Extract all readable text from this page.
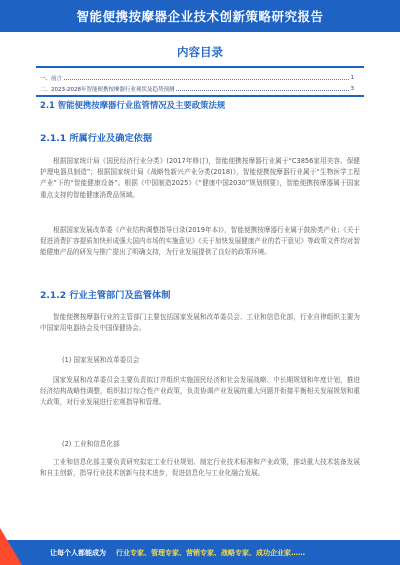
智能便携按摩器企业技术创新策略研究报告
内容目录
一、前言	1
二、2023-2028年智能便携按摩器行业现状及趋势预测	3
2.1 智能便携按摩器行业监管情况及主要政策法规
2.1.1 所属行业及确定依据
根据国家统计局《国民经济行业分类》(2017年修订)，智能便携按摩器行业属于“C3856家用美容、保健护理电器具制造”；根据国家统计局《战略性新兴产业分类(2018)》，智能便携按摩器行业属于“生物医学工程产业”下的“智能健康设备”。根据《中国制造2025》《“健康中国2030”规划纲要》，智能便携按摩器属于国家重点支持的智能健康消费品领域。
根据国家发展改革委《产业结构调整指导目录(2019年本)》，智能便携按摩器行业属于鼓励类产业；《关于促进消费扩容提质加快形成强大国内市场的实施意见》《关于加快发展健康产业的若干意见》等政策文件均对智能健康产品的研发与推广提出了明确支持，为行业发展提供了良好的政策环境。
2.1.2 行业主管部门及监管体制
智能便携按摩器行业的主管部门主要包括国家发展和改革委员会、工业和信息化部，行业自律组织主要为中国家用电器协会及中国保健协会。
(1) 国家发展和改革委员会
国家发展和改革委员会主要负责拟订并组织实施国民经济和社会发展战略、中长期规划和年度计划，推进经济结构战略性调整，组织拟订综合性产业政策，负责协调产业发展的重大问题并衔接平衡相关发展规划和重大政策，对行业发展进行宏观指导和管理。
(2) 工业和信息化部
工业和信息化部主要负责研究拟定工业行业规划、制定行业技术标准和产业政策，推动重大技术装备发展和自主创新，指导行业技术创新与技术进步，促进信息化与工业化融合发展。
让每个人都能成为 行业专家、管理专家、营销专家、战略专家、成功企业家……
